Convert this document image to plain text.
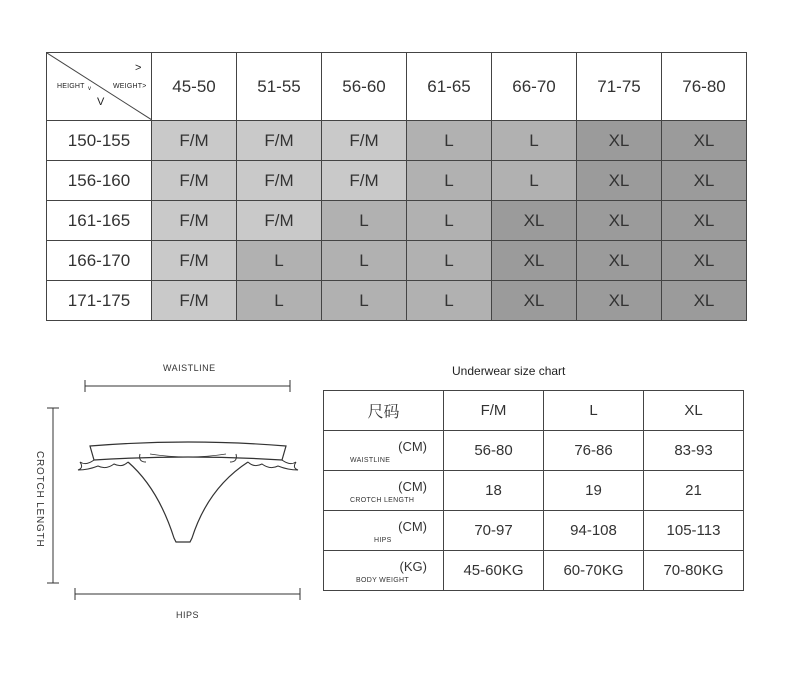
>
HEIGHT v WEIGHT>
V	45-50	51-55	56-60	61-65	66-70	71-75	76-80
150-155	F/M	F/M	F/M	L	L	XL	XL
156-160	F/M	F/M	F/M	L	L	XL	XL
161-165	F/M	F/M	L	L	XL	XL	XL
166-170	F/M	L	L	L	XL	XL	XL
171-175	F/M	L	L	L	XL	XL	XL
WAISTLINE
CROTCH LENGTH
HIPS
Underwear size chart
尺码	F/M	L	XL

(CM)
WAISTLINE	56-80	76-86	83-93

(CM)
CROTCH LENGTH	18	19	21

(CM)
HIPS	70-97	94-108	105-113

(KG)
BODY WEIGHT	45-60KG	60-70KG	70-80KG
